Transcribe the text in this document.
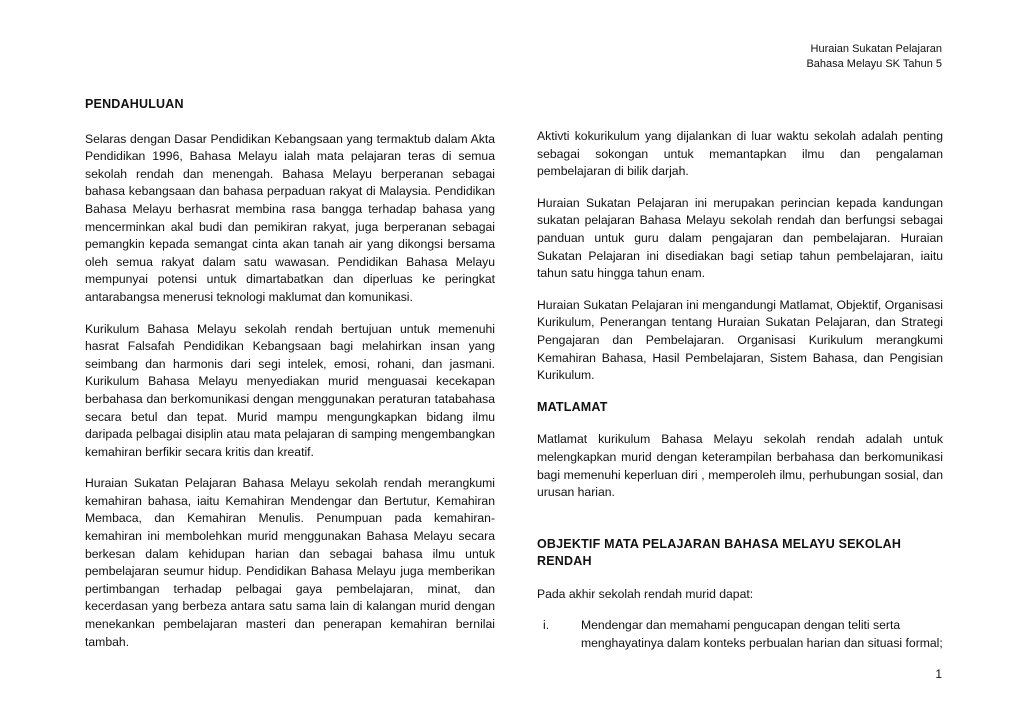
Huraian Sukatan Pelajaran
Bahasa Melayu SK Tahun 5
PENDAHULUAN

Selaras dengan Dasar Pendidikan Kebangsaan yang termaktub dalam Akta Pendidikan 1996, Bahasa Melayu ialah mata pelajaran teras di semua sekolah rendah dan menengah. Bahasa Melayu berperanan sebagai bahasa kebangsaan dan bahasa perpaduan rakyat di Malaysia. Pendidikan Bahasa Melayu berhasrat membina rasa bangga terhadap bahasa yang mencerminkan akal budi dan pemikiran rakyat, juga berperanan sebagai pemangkin kepada semangat cinta akan tanah air yang dikongsi bersama oleh semua rakyat dalam satu wawasan. Pendidikan Bahasa Melayu mempunyai potensi untuk dimartabatkan dan diperluas ke peringkat antarabangsa menerusi teknologi maklumat dan komunikasi.

Kurikulum Bahasa Melayu sekolah rendah bertujuan untuk memenuhi hasrat Falsafah Pendidikan Kebangsaan bagi melahirkan insan yang seimbang dan harmonis dari segi intelek, emosi, rohani, dan jasmani. Kurikulum Bahasa Melayu menyediakan murid menguasai kecekapan berbahasa dan berkomunikasi dengan menggunakan peraturan tatabahasa secara betul dan tepat. Murid mampu mengungkapkan bidang ilmu daripada pelbagai disiplin atau mata pelajaran di samping mengembangkan kemahiran berfikir secara kritis dan kreatif.

Huraian Sukatan Pelajaran Bahasa Melayu sekolah rendah merangkumi kemahiran bahasa, iaitu Kemahiran Mendengar dan Bertutur, Kemahiran Membaca, dan Kemahiran Menulis. Penumpuan pada kemahiran-kemahiran ini membolehkan murid menggunakan Bahasa Melayu secara berkesan dalam kehidupan harian dan sebagai bahasa ilmu untuk pembelajaran seumur hidup. Pendidikan Bahasa Melayu juga memberikan pertimbangan terhadap pelbagai gaya pembelajaran, minat, dan kecerdasan yang berbeza antara satu sama lain di kalangan murid dengan menekankan pembelajaran masteri dan penerapan kemahiran bernilai tambah.

Aktivti kokurikulum yang dijalankan di luar waktu sekolah adalah penting sebagai sokongan untuk memantapkan ilmu dan pengalaman pembelajaran di bilik darjah.

Huraian Sukatan Pelajaran ini merupakan perincian kepada kandungan sukatan pelajaran Bahasa Melayu sekolah rendah dan berfungsi sebagai panduan untuk guru dalam pengajaran dan pembelajaran. Huraian Sukatan Pelajaran ini disediakan bagi setiap tahun pembelajaran, iaitu tahun satu hingga tahun enam.

Huraian Sukatan Pelajaran ini mengandungi Matlamat, Objektif, Organisasi Kurikulum, Penerangan tentang Huraian Sukatan Pelajaran, dan Strategi Pengajaran dan Pembelajaran. Organisasi Kurikulum merangkumi Kemahiran Bahasa, Hasil Pembelajaran, Sistem Bahasa, dan Pengisian Kurikulum.

MATLAMAT

Matlamat kurikulum Bahasa Melayu sekolah rendah adalah untuk melengkapkan murid dengan keterampilan berbahasa dan berkomunikasi bagi memenuhi keperluan diri , memperoleh ilmu, perhubungan sosial, dan urusan harian.

OBJEKTIF MATA PELAJARAN BAHASA MELAYU SEKOLAH RENDAH

Pada akhir sekolah rendah murid dapat:

i.	Mendengar dan memahami pengucapan dengan teliti serta menghayatinya dalam konteks perbualan harian dan situasi formal;
1
